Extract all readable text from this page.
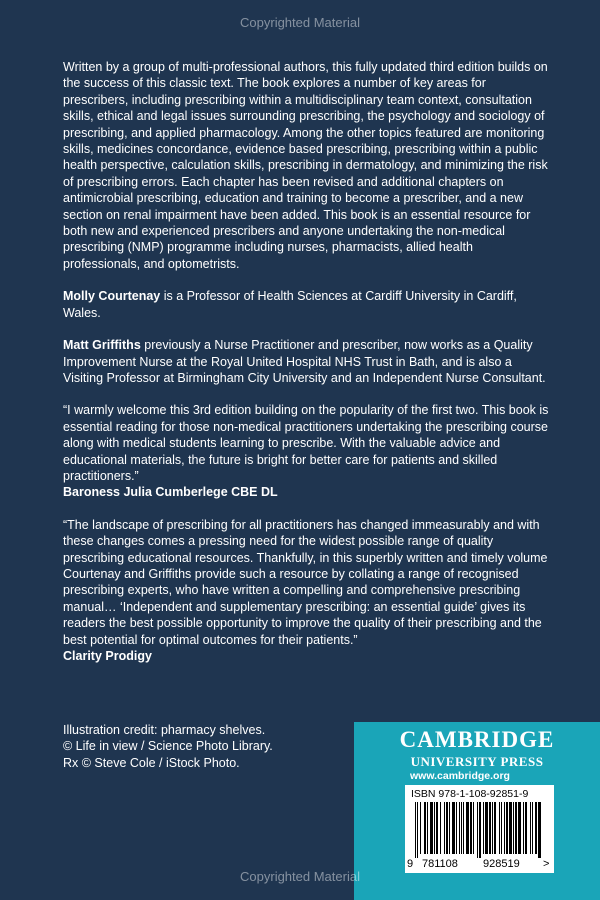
Copyrighted Material

Written by a group of multi-professional authors, this fully updated third edition builds on the success of this classic text. The book explores a number of key areas for prescribers, including prescribing within a multidisciplinary team context, consultation skills, ethical and legal issues surrounding prescribing, the psychology and sociology of prescribing, and applied pharmacology. Among the other topics featured are monitoring skills, medicines concordance, evidence based prescribing, prescribing within a public health perspective, calculation skills, prescribing in dermatology, and minimizing the risk of prescribing errors. Each chapter has been revised and additional chapters on antimicrobial prescribing, education and training to become a prescriber, and a new section on renal impairment have been added. This book is an essential resource for both new and experienced prescribers and anyone undertaking the non-medical prescribing (NMP) programme including nurses, pharmacists, allied health professionals, and optometrists.

Molly Courtenay is a Professor of Health Sciences at Cardiff University in Cardiff, Wales.

Matt Griffiths previously a Nurse Practitioner and prescriber, now works as a Quality Improvement Nurse at the Royal United Hospital NHS Trust in Bath, and is also a Visiting Professor at Birmingham City University and an Independent Nurse Consultant.

“I warmly welcome this 3rd edition building on the popularity of the first two. This book is essential reading for those non-medical practitioners undertaking the prescribing course along with medical students learning to prescribe. With the valuable advice and educational materials, the future is bright for better care for patients and skilled practitioners.”

Baroness Julia Cumberlege CBE DL

“The landscape of prescribing for all practitioners has changed immeasurably and with these changes comes a pressing need for the widest possible range of quality prescribing educational resources. Thankfully, in this superbly written and timely volume Courtenay and Griffiths provide such a resource by collating a range of recognised prescribing experts, who have written a compelling and comprehensive prescribing manual… ‘Independent and supplementary prescribing: an essential guide’ gives its readers the best possible opportunity to improve the quality of their prescribing and the best potential for optimal outcomes for their patients.”

Clarity Prodigy

Illustration credit: pharmacy shelves.
© Life in view / Science Photo Library.
Rx © Steve Cole / iStock Photo.
CAMBRIDGE
UNIVERSITY PRESS
www.cambridge.org
ISBN 978-1-108-92851-9
9 781108 928519 >
Copyrighted Material
